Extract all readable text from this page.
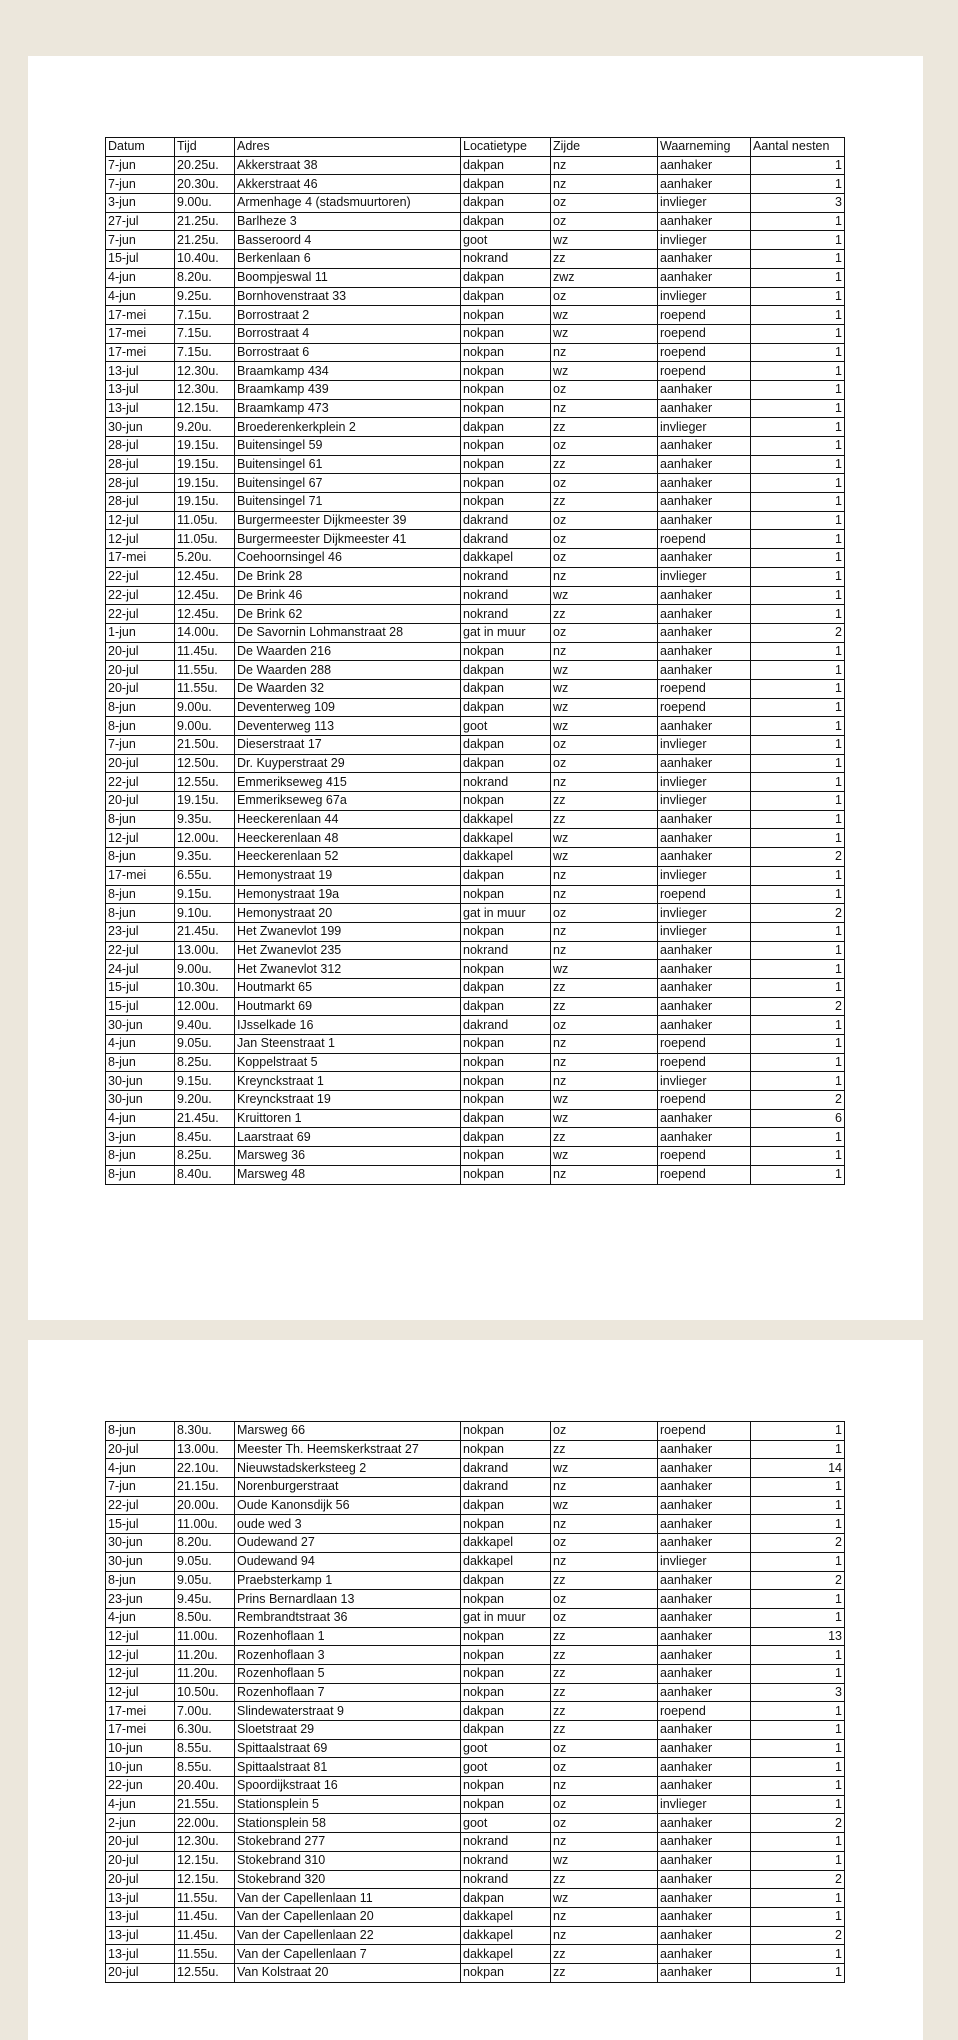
Datum	Tijd	Adres	Locatietype	Zijde	Waarneming	Aantal nesten
7-jun	20.25u.	Akkerstraat 38	dakpan	nz	aanhaker	1
7-jun	20.30u.	Akkerstraat 46	dakpan	nz	aanhaker	1
3-jun	9.00u.	Armenhage 4 (stadsmuurtoren)	dakpan	oz	invlieger	3
27-jul	21.25u.	Barlheze 3	dakpan	oz	aanhaker	1
7-jun	21.25u.	Basseroord 4	goot	wz	invlieger	1
15-jul	10.40u.	Berkenlaan 6	nokrand	zz	aanhaker	1
4-jun	8.20u.	Boompjeswal 11	dakpan	zwz	aanhaker	1
4-jun	9.25u.	Bornhovenstraat 33	dakpan	oz	invlieger	1
17-mei	7.15u.	Borrostraat 2	nokpan	wz	roepend	1
17-mei	7.15u.	Borrostraat 4	nokpan	wz	roepend	1
17-mei	7.15u.	Borrostraat 6	nokpan	nz	roepend	1
13-jul	12.30u.	Braamkamp 434	nokpan	wz	roepend	1
13-jul	12.30u.	Braamkamp 439	nokpan	oz	aanhaker	1
13-jul	12.15u.	Braamkamp 473	nokpan	nz	aanhaker	1
30-jun	9.20u.	Broederenkerkplein 2	dakpan	zz	invlieger	1
28-jul	19.15u.	Buitensingel 59	nokpan	oz	aanhaker	1
28-jul	19.15u.	Buitensingel 61	nokpan	zz	aanhaker	1
28-jul	19.15u.	Buitensingel 67	nokpan	oz	aanhaker	1
28-jul	19.15u.	Buitensingel 71	nokpan	zz	aanhaker	1
12-jul	11.05u.	Burgermeester Dijkmeester 39	dakrand	oz	aanhaker	1
12-jul	11.05u.	Burgermeester Dijkmeester 41	dakrand	oz	roepend	1
17-mei	5.20u.	Coehoornsingel 46	dakkapel	oz	aanhaker	1
22-jul	12.45u.	De Brink 28	nokrand	nz	invlieger	1
22-jul	12.45u.	De Brink 46	nokrand	wz	aanhaker	1
22-jul	12.45u.	De Brink 62	nokrand	zz	aanhaker	1
1-jun	14.00u.	De Savornin Lohmanstraat 28	gat in muur	oz	aanhaker	2
20-jul	11.45u.	De Waarden 216	nokpan	nz	aanhaker	1
20-jul	11.55u.	De Waarden 288	dakpan	wz	aanhaker	1
20-jul	11.55u.	De Waarden 32	dakpan	wz	roepend	1
8-jun	9.00u.	Deventerweg 109	dakpan	wz	roepend	1
8-jun	9.00u.	Deventerweg 113	goot	wz	aanhaker	1
7-jun	21.50u.	Dieserstraat 17	dakpan	oz	invlieger	1
20-jul	12.50u.	Dr. Kuyperstraat 29	dakpan	oz	aanhaker	1
22-jul	12.55u.	Emmerikseweg 415	nokrand	nz	invlieger	1
20-jul	19.15u.	Emmerikseweg 67a	nokpan	zz	invlieger	1
8-jun	9.35u.	Heeckerenlaan 44	dakkapel	zz	aanhaker	1
12-jul	12.00u.	Heeckerenlaan 48	dakkapel	wz	aanhaker	1
8-jun	9.35u.	Heeckerenlaan 52	dakkapel	wz	aanhaker	2
17-mei	6.55u.	Hemonystraat 19	dakpan	nz	invlieger	1
8-jun	9.15u.	Hemonystraat 19a	nokpan	nz	roepend	1
8-jun	9.10u.	Hemonystraat 20	gat in muur	oz	invlieger	2
23-jul	21.45u.	Het Zwanevlot 199	nokpan	nz	invlieger	1
22-jul	13.00u.	Het Zwanevlot 235	nokrand	nz	aanhaker	1
24-jul	9.00u.	Het Zwanevlot 312	nokpan	wz	aanhaker	1
15-jul	10.30u.	Houtmarkt 65	dakpan	zz	aanhaker	1
15-jul	12.00u.	Houtmarkt 69	dakpan	zz	aanhaker	2
30-jun	9.40u.	IJsselkade 16	dakrand	oz	aanhaker	1
4-jun	9.05u.	Jan Steenstraat 1	nokpan	nz	roepend	1
8-jun	8.25u.	Koppelstraat 5	nokpan	nz	roepend	1
30-jun	9.15u.	Kreynckstraat 1	nokpan	nz	invlieger	1
30-jun	9.20u.	Kreynckstraat 19	nokpan	wz	roepend	2
4-jun	21.45u.	Kruittoren 1	dakpan	wz	aanhaker	6
3-jun	8.45u.	Laarstraat 69	dakpan	zz	aanhaker	1
8-jun	8.25u.	Marsweg 36	nokpan	wz	roepend	1
8-jun	8.40u.	Marsweg 48	nokpan	nz	roepend	1
8-jun	8.30u.	Marsweg 66	nokpan	oz	roepend	1
20-jul	13.00u.	Meester Th. Heemskerkstraat 27	nokpan	zz	aanhaker	1
4-jun	22.10u.	Nieuwstadskerksteeg 2	dakrand	wz	aanhaker	14
7-jun	21.15u.	Norenburgerstraat	dakrand	nz	aanhaker	1
22-jul	20.00u.	Oude Kanonsdijk 56	dakpan	wz	aanhaker	1
15-jul	11.00u.	oude wed 3	nokpan	nz	aanhaker	1
30-jun	8.20u.	Oudewand 27	dakkapel	oz	aanhaker	2
30-jun	9.05u.	Oudewand 94	dakkapel	nz	invlieger	1
8-jun	9.05u.	Praebsterkamp 1	dakpan	zz	aanhaker	2
23-jun	9.45u.	Prins Bernardlaan 13	nokpan	oz	aanhaker	1
4-jun	8.50u.	Rembrandtstraat 36	gat in muur	oz	aanhaker	1
12-jul	11.00u.	Rozenhoflaan 1	nokpan	zz	aanhaker	13
12-jul	11.20u.	Rozenhoflaan 3	nokpan	zz	aanhaker	1
12-jul	11.20u.	Rozenhoflaan 5	nokpan	zz	aanhaker	1
12-jul	10.50u.	Rozenhoflaan 7	nokpan	zz	aanhaker	3
17-mei	7.00u.	Slindewaterstraat 9	dakpan	zz	roepend	1
17-mei	6.30u.	Sloetstraat 29	dakpan	zz	aanhaker	1
10-jun	8.55u.	Spittaalstraat 69	goot	oz	aanhaker	1
10-jun	8.55u.	Spittaalstraat 81	goot	oz	aanhaker	1
22-jun	20.40u.	Spoordijkstraat 16	nokpan	nz	aanhaker	1
4-jun	21.55u.	Stationsplein 5	nokpan	oz	invlieger	1
2-jun	22.00u.	Stationsplein 58	goot	oz	aanhaker	2
20-jul	12.30u.	Stokebrand 277	nokrand	nz	aanhaker	1
20-jul	12.15u.	Stokebrand 310	nokrand	wz	aanhaker	1
20-jul	12.15u.	Stokebrand 320	nokrand	zz	aanhaker	2
13-jul	11.55u.	Van der Capellenlaan 11	dakpan	wz	aanhaker	1
13-jul	11.45u.	Van der Capellenlaan 20	dakkapel	nz	aanhaker	1
13-jul	11.45u.	Van der Capellenlaan 22	dakkapel	nz	aanhaker	2
13-jul	11.55u.	Van der Capellenlaan 7	dakkapel	zz	aanhaker	1
20-jul	12.55u.	Van Kolstraat 20	nokpan	zz	aanhaker	1
